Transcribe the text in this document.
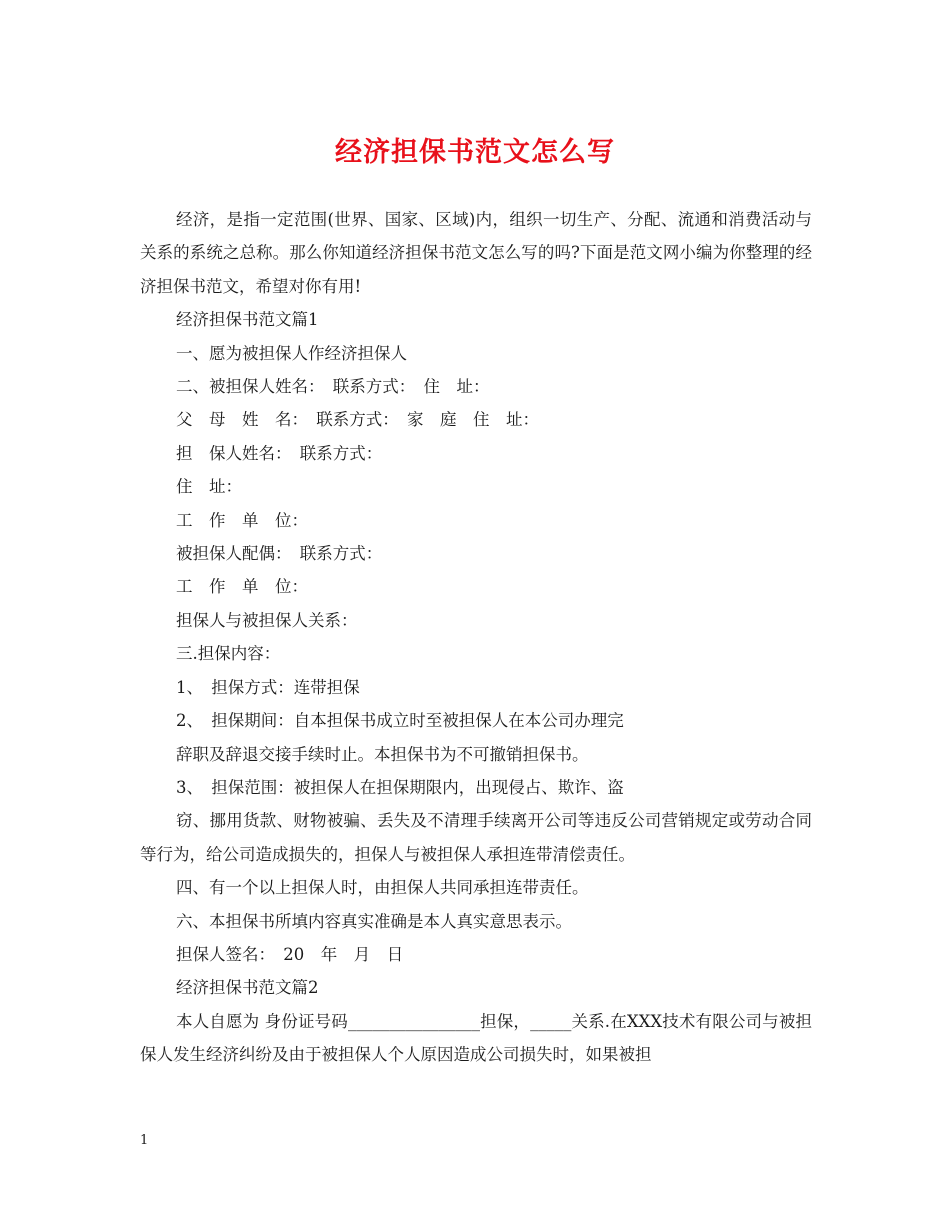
经济担保书范文怎么写

经济，是指一定范围(世界、国家、区域)内，组织一切生产、分配、流通和消费活动与关系的系统之总称。那么你知道经济担保书范文怎么写的吗?下面是范文网小编为你整理的经济担保书范文，希望对你有用!

经济担保书范文篇1

一、愿为被担保人作经济担保人

二、被担保人姓名：　联系方式：　住　址：

父　母　姓　名：　联系方式：　家　庭　住　址：

担　保人姓名：　联系方式：

住　址：

工　作　单　位：

被担保人配偶：　联系方式：

工　作　单　位：

担保人与被担保人关系：

三.担保内容：

1、　担保方式：连带担保

2、　担保期间：自本担保书成立时至被担保人在本公司办理完

辞职及辞退交接手续时止。本担保书为不可撤销担保书。

3、　担保范围：被担保人在担保期限内，出现侵占、欺诈、盗

窃、挪用货款、财物被骗、丢失及不清理手续离开公司等违反公司营销规定或劳动合同等行为，给公司造成损失的，担保人与被担保人承担连带清偿责任。

四、有一个以上担保人时，由担保人共同承担连带责任。

六、本担保书所填内容真实准确是本人真实意思表示。

担保人签名：　20　年　月　日

经济担保书范文篇2

本人自愿为 身份证号码________________担保，_____关系.在XXX技术有限公司与被担保人发生经济纠纷及由于被担保人个人原因造成公司损失时，如果被担

1
